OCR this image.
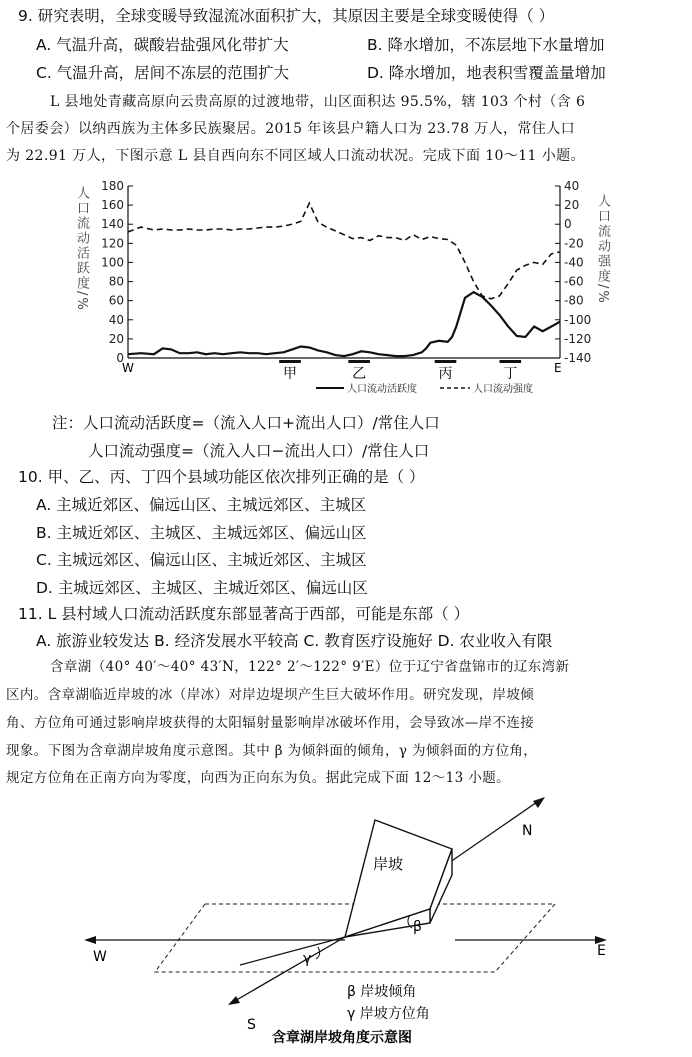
9. 研究表明，全球变暖导致湿流冰面积扩大，其原因主要是全球变暖使得（ ）
A. 气温升高，碳酸岩盐强风化带扩大	B. 降水增加，不冻层地下水量增加
C. 气温升高，居间不冻层的范围扩大	D. 降水增加，地表积雪覆盖量增加
L 县地处青藏高原向云贵高原的过渡地带，山区面积达 95.5%，辖 103 个村（含 6
个居委会）以纳西族为主体多民族聚居。2015 年该县户籍人口为 23.78 万人，常住人口
为 22.91 万人，下图示意 L 县自西向东不同区域人口流动状况。完成下面 10～11 小题。
180
160
140
120
100
80
60
40
20
0
40
20
0
-20
-40
-60
-80
-100
-120
-140
W	E
甲	乙	丙	丁
人口流动活跃度	人口流动强度
人口流动活跃度/%	人口流动强度/%
注：人口流动活跃度=（流入人口+流出人口）/常住人口
人口流动强度=（流入人口−流出人口）/常住人口
10. 甲、乙、丙、丁四个县域功能区依次排列正确的是（ ）
A. 主城近郊区、偏远山区、主城远郊区、主城区
B. 主城近郊区、主城区、主城远郊区、偏远山区
C. 主城远郊区、偏远山区、主城近郊区、主城区
D. 主城远郊区、主城区、主城近郊区、偏远山区
11. L 县村域人口流动活跃度东部显著高于西部，可能是东部（ ）
A. 旅游业较发达 B. 经济发展水平较高 C. 教育医疗设施好 D. 农业收入有限
含章湖（40° 40′～40° 43′N，122° 2′～122° 9′E）位于辽宁省盘锦市的辽东湾新
区内。含章湖临近岸坡的冰（岸冰）对岸边堤坝产生巨大破坏作用。研究发现，岸坡倾
角、方位角可通过影响岸坡获得的太阳辐射量影响岸冰破坏作用，会导致冰—岸不连接
现象。下图为含章湖岸坡角度示意图。其中 β 为倾斜面的倾角，γ 为倾斜面的方位角，
规定方位角在正南方向为零度，向西为正向东为负。据此完成下面 12～13 小题。
岸坡
β
γ
N
W	E
S
β 岸坡倾角
γ 岸坡方位角
含章湖岸坡角度示意图
